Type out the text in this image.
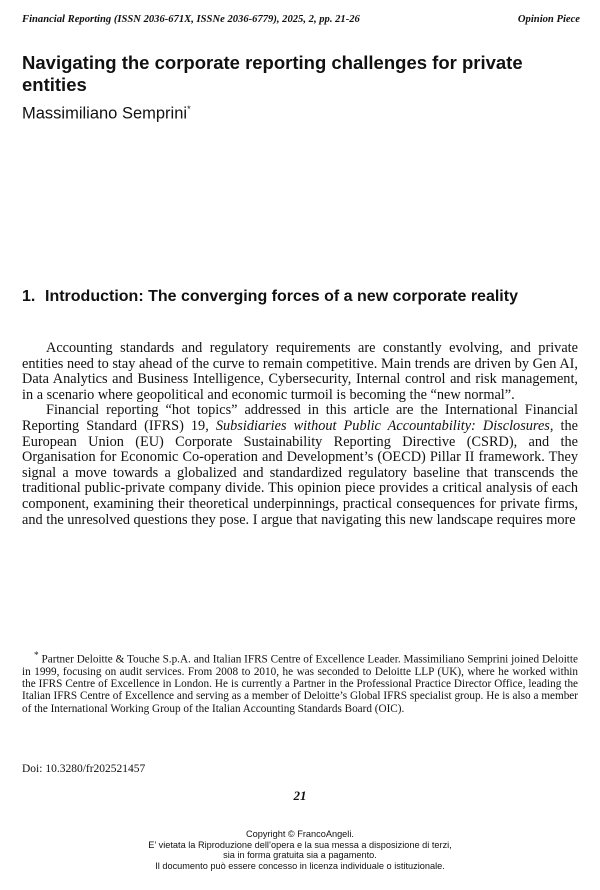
Financial Reporting (ISSN 2036-671X, ISSNe 2036-6779), 2025, 2, pp. 21-26	Opinion Piece
Navigating the corporate reporting challenges for private entities
Massimiliano Semprini*
1. Introduction: The converging forces of a new corporate reality

Accounting standards and regulatory requirements are constantly evolving, and private entities need to stay ahead of the curve to remain competitive. Main trends are driven by Gen AI, Data Analytics and Business Intelligence, Cybersecurity, Internal control and risk management, in a scenario where geopolitical and economic turmoil is becoming the “new normal”.

Financial reporting “hot topics” addressed in this article are the International Financial Reporting Standard (IFRS) 19, Subsidiaries without Public Accountability: Disclosures, the European Union (EU) Corporate Sustainability Reporting Directive (CSRD), and the Organisation for Economic Co-operation and Development’s (OECD) Pillar II framework. They signal a move towards a globalized and standardized regulatory baseline that transcends the traditional public-private company divide. This opinion piece provides a critical analysis of each component, examining their theoretical underpinnings, practical consequences for private firms, and the unresolved questions they pose. I argue that navigating this new landscape requires more

* Partner Deloitte & Touche S.p.A. and Italian IFRS Centre of Excellence Leader. Massimiliano Semprini joined Deloitte in 1999, focusing on audit services. From 2008 to 2010, he was seconded to Deloitte LLP (UK), where he worked within the IFRS Centre of Excellence in London. He is currently a Partner in the Professional Practice Director Office, leading the Italian IFRS Centre of Excellence and serving as a member of Deloitte’s Global IFRS specialist group. He is also a member of the International Working Group of the Italian Accounting Standards Board (OIC).

Doi: 10.3280/fr202521457
21
Copyright © FrancoAngeli.
E’ vietata la Riproduzione dell’opera e la sua messa a disposizione di terzi,
sia in forma gratuita sia a pagamento.
Il documento può essere concesso in licenza individuale o istituzionale.
